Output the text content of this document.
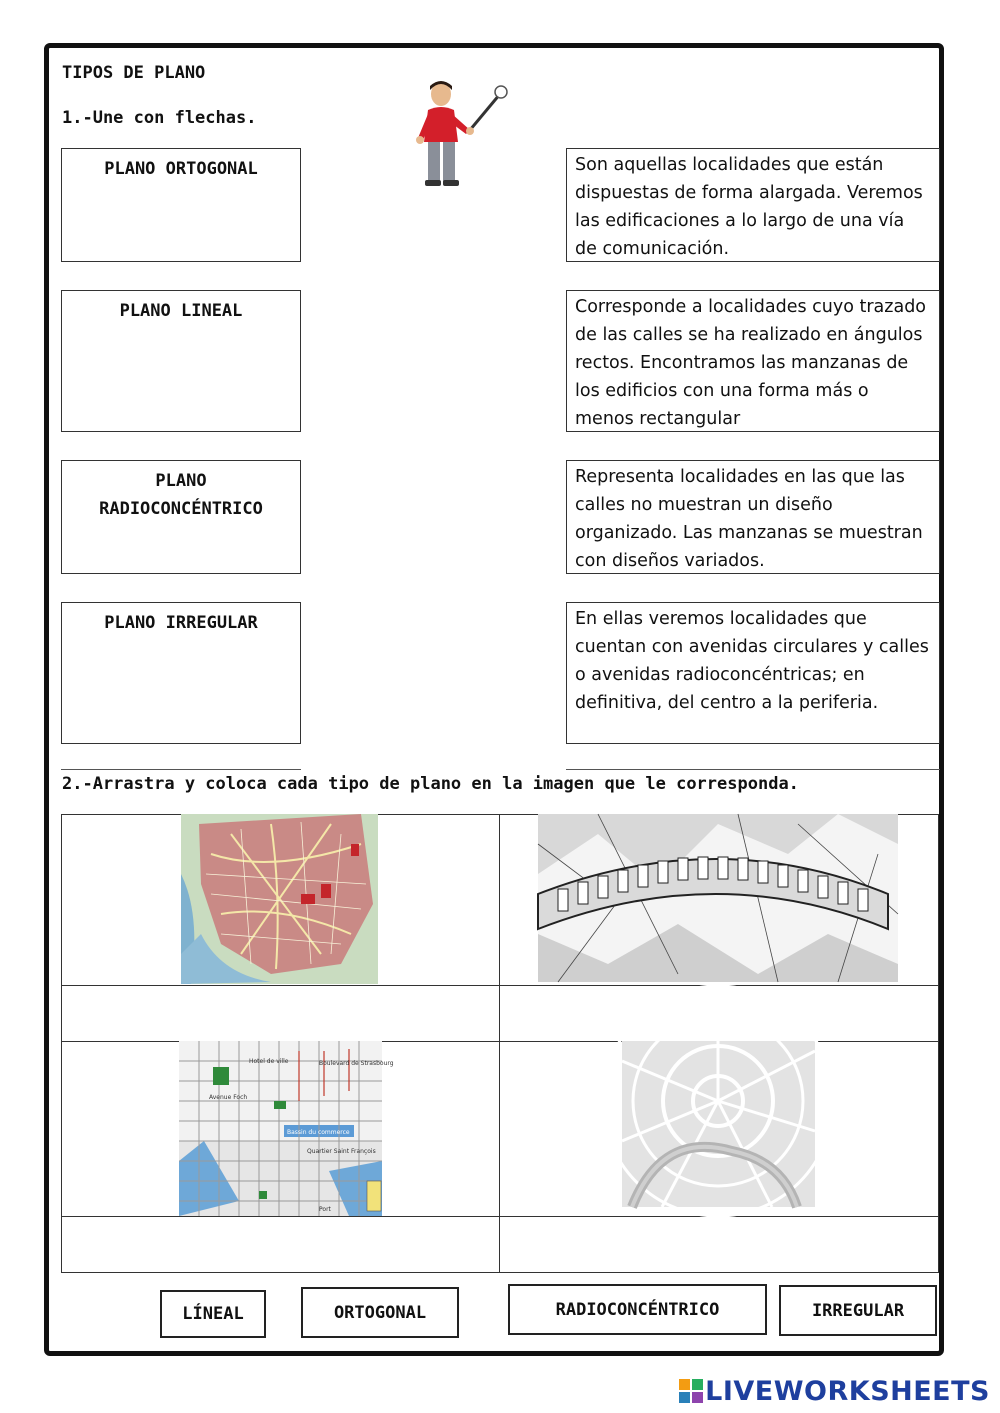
TIPOS DE PLANO
1.-Une con flechas.
PLANO ORTOGONAL
PLANO LINEAL
PLANO
RADIOCONCÉNTRICO
PLANO IRREGULAR
Son aquellas localidades que están dispuestas de forma alargada. Veremos las edificaciones a lo largo de una vía de comunicación.
Corresponde a localidades cuyo trazado de las calles se ha realizado en ángulos rectos. Encontramos las manzanas de los edificios con una forma más o menos rectangular
Representa localidades en las que las calles no muestran un diseño organizado. Las manzanas se muestran con diseños variados.
En ellas veremos localidades que cuentan con avenidas circulares y calles o avenidas radioconcéntricas; en definitiva, del centro a la periferia.
2.-Arrastra y coloca cada tipo de plano en la imagen que le corresponda.
Boulevard de Strasbourg
Hotel de ville
Avenue Foch
Bassin du commerce
Quartier Saint François
Port
LÍNEAL	ORTOGONAL	RADIOCONCÉNTRICO	IRREGULAR
LIVEWORKSHEETS
